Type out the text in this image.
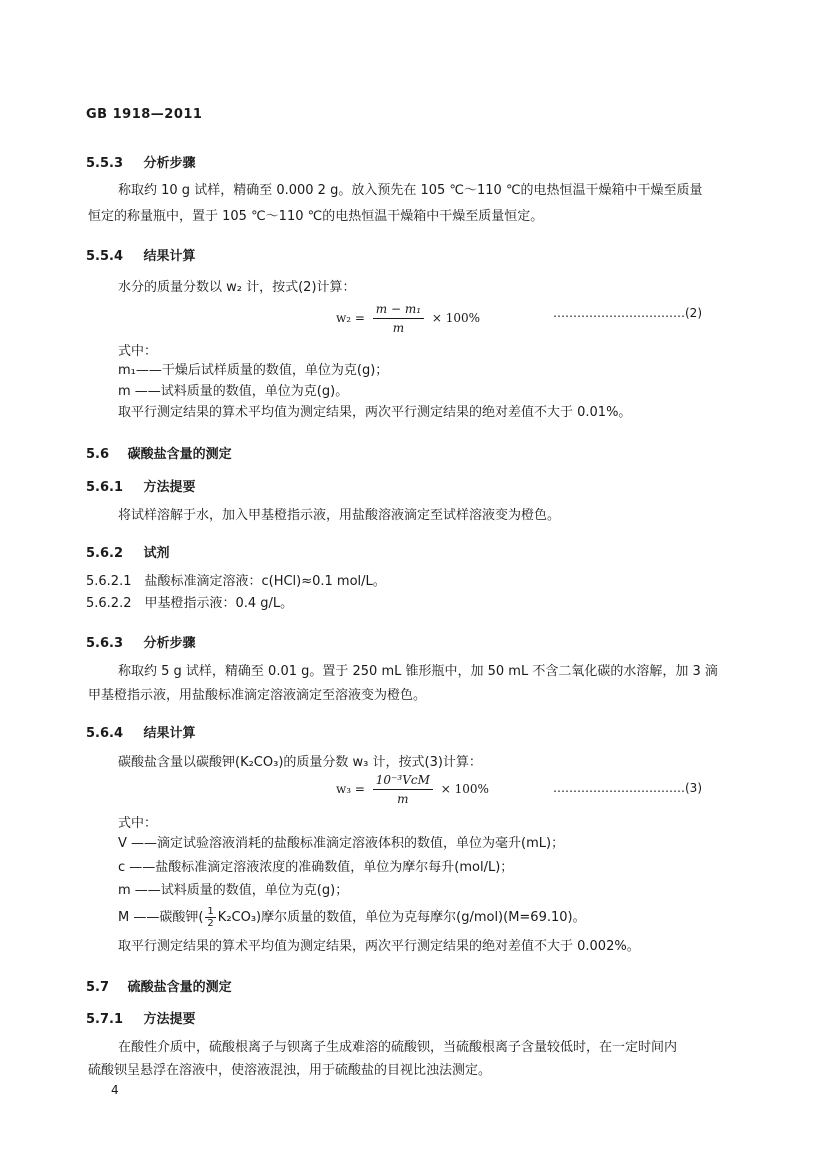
GB 1918—2011
5.5.3 分析步骤
称取约 10 g 试样，精确至 0.000 2 g。放入预先在 105 ℃～110 ℃的电热恒温干燥箱中干燥至质量
恒定的称量瓶中，置于 105 ℃～110 ℃的电热恒温干燥箱中干燥至质量恒定。
5.5.4 结果计算
水分的质量分数以 w₂ 计，按式(2)计算：
$w_2 = \frac{\text{m − m₁}}{m} \times 100\%$	……………………………(2)
式中：
m₁——干燥后试样质量的数值，单位为克(g)；
m ——试料质量的数值，单位为克(g)。
取平行测定结果的算术平均值为测定结果，两次平行测定结果的绝对差值不大于 0.01%。
5.6 碳酸盐含量的测定
5.6.1 方法提要
将试样溶解于水，加入甲基橙指示液，用盐酸溶液滴定至试样溶液变为橙色。
5.6.2 试剂
5.6.2.1　盐酸标准滴定溶液：c(HCl)≈0.1 mol/L。
5.6.2.2　甲基橙指示液：0.4 g/L。
5.6.3 分析步骤
称取约 5 g 试样，精确至 0.01 g。置于 250 mL 锥形瓶中，加 50 mL 不含二氧化碳的水溶解，加 3 滴
甲基橙指示液，用盐酸标准滴定溶液滴定至溶液变为橙色。
5.6.4 结果计算
碳酸盐含量以碳酸钾(K₂CO₃)的质量分数 w₃ 计，按式(3)计算：
$w_3 = \frac{\text{10⁻³VcM}}{m} \times 100\%$	……………………………(3)
式中：
V ——滴定试验溶液消耗的盐酸标准滴定溶液体积的数值，单位为毫升(mL)；
c ——盐酸标准滴定溶液浓度的准确数值，单位为摩尔每升(mol/L)；
m ——试料质量的数值，单位为克(g)；
M ——碳酸钾( $\frac{1}{2} K_2CO_3$)摩尔质量的数值，单位为克每摩尔(g/mol)(M=69.10)。
取平行测定结果的算术平均值为测定结果，两次平行测定结果的绝对差值不大于 0.002%。
5.7 硫酸盐含量的测定
5.7.1 方法提要
在酸性介质中，硫酸根离子与钡离子生成难溶的硫酸钡，当硫酸根离子含量较低时，在一定时间内
硫酸钡呈悬浮在溶液中，使溶液混浊，用于硫酸盐的目视比浊法测定。
4
